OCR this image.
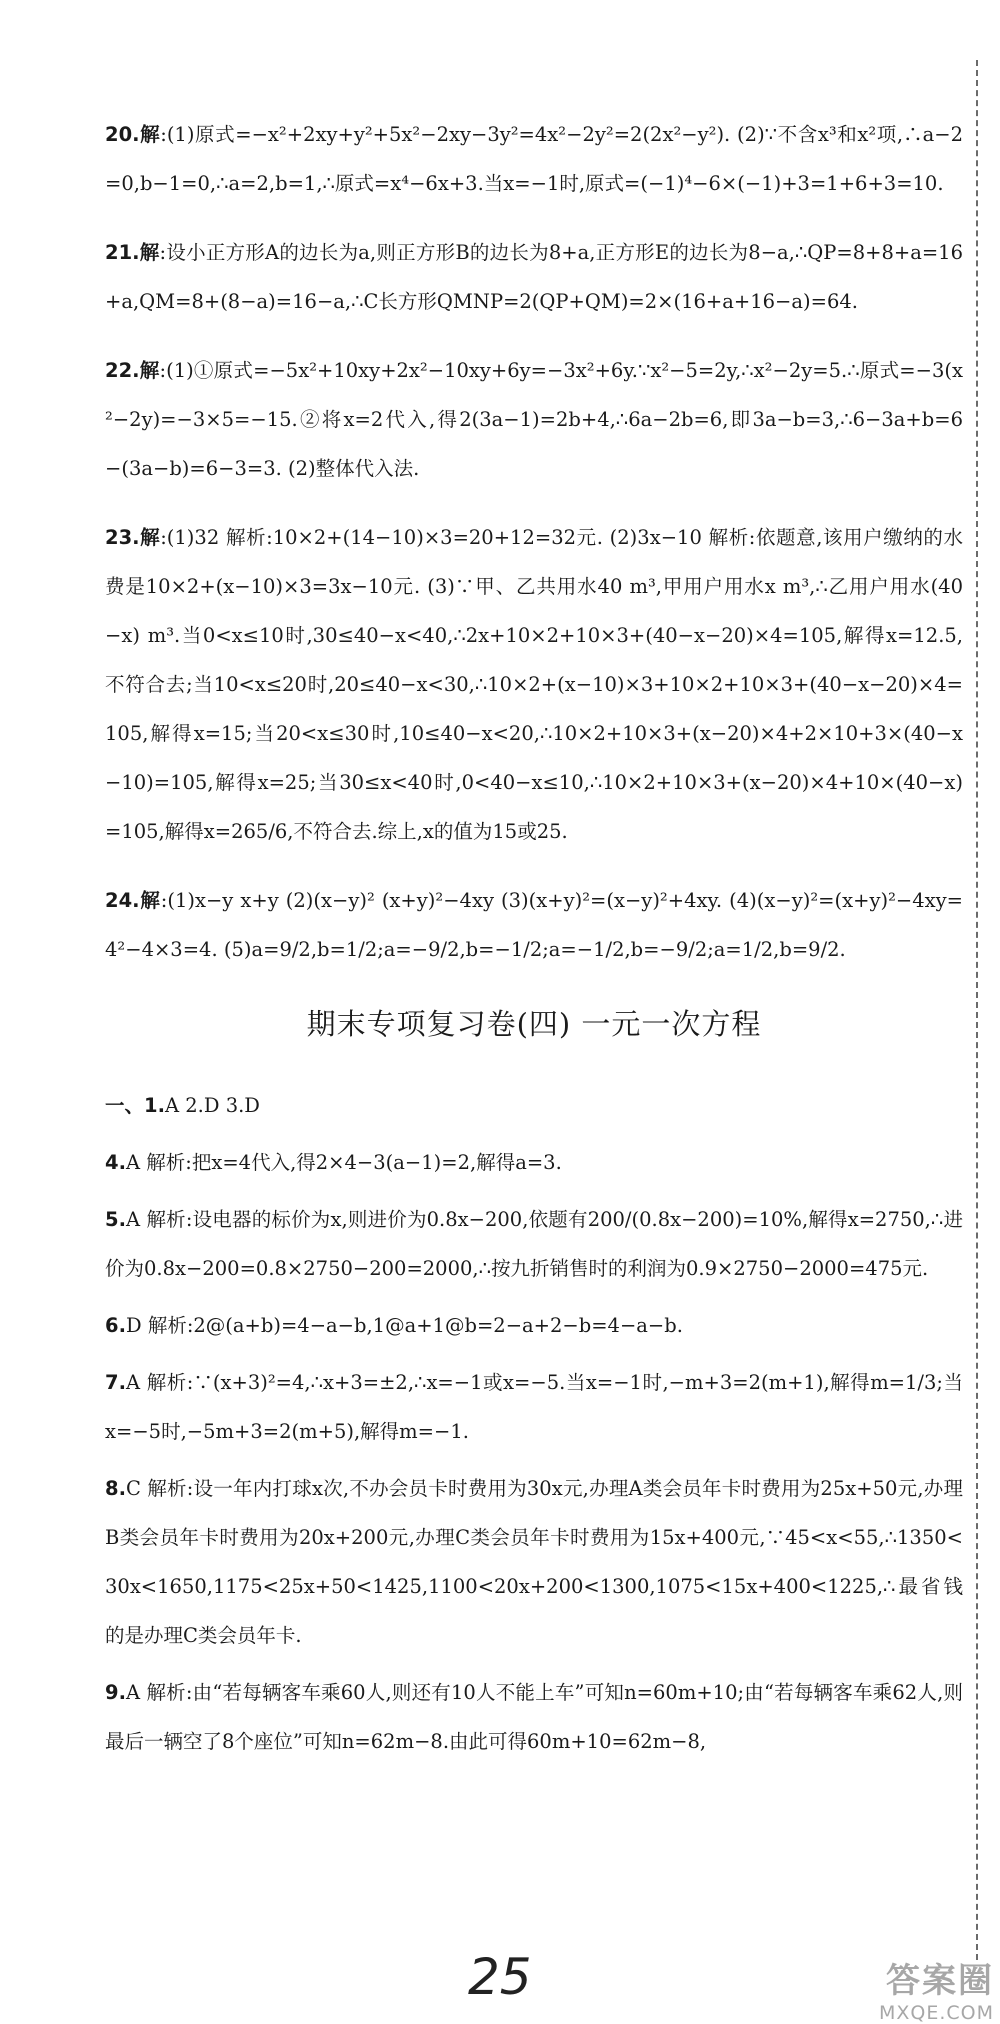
20.解:(1)原式=−x²+2xy+y²+5x²−2xy−3y²=4x²−2y²=2(2x²−y²). (2)∵不含x³和x²项,∴a−2=0,b−1=0,∴a=2,b=1,∴原式=x⁴−6x+3.当x=−1时,原式=(−1)⁴−6×(−1)+3=1+6+3=10.

21.解:设小正方形A的边长为a,则正方形B的边长为8+a,正方形E的边长为8−a,∴QP=8+8+a=16+a,QM=8+(8−a)=16−a,∴C长方形QMNP=2(QP+QM)=2×(16+a+16−a)=64.

22.解:(1)①原式=−5x²+10xy+2x²−10xy+6y=−3x²+6y.∵x²−5=2y,∴x²−2y=5.∴原式=−3(x²−2y)=−3×5=−15.②将x=2代入,得2(3a−1)=2b+4,∴6a−2b=6,即3a−b=3,∴6−3a+b=6−(3a−b)=6−3=3. (2)整体代入法.

23.解:(1)32 解析:10×2+(14−10)×3=20+12=32元. (2)3x−10 解析:依题意,该用户缴纳的水费是10×2+(x−10)×3=3x−10元. (3)∵甲、乙共用水40 m³,甲用户用水x m³,∴乙用户用水(40−x) m³.当0<x≤10时,30≤40−x<40,∴2x+10×2+10×3+(40−x−20)×4=105,解得x=12.5,不符合去;当10<x≤20时,20≤40−x<30,∴10×2+(x−10)×3+10×2+10×3+(40−x−20)×4=105,解得x=15;当20<x≤30时,10≤40−x<20,∴10×2+10×3+(x−20)×4+2×10+3×(40−x−10)=105,解得x=25;当30≤x<40时,0<40−x≤10,∴10×2+10×3+(x−20)×4+10×(40−x)=105,解得x=265/6,不符合去.综上,x的值为15或25.

24.解:(1)x−y x+y (2)(x−y)² (x+y)²−4xy (3)(x+y)²=(x−y)²+4xy. (4)(x−y)²=(x+y)²−4xy=4²−4×3=4. (5)a=9/2,b=1/2;a=−9/2,b=−1/2;a=−1/2,b=−9/2;a=1/2,b=9/2.

期末专项复习卷(四) 一元一次方程

一、1.A 2.D 3.D

4.A 解析:把x=4代入,得2×4−3(a−1)=2,解得a=3.

5.A 解析:设电器的标价为x,则进价为0.8x−200,依题有200/(0.8x−200)=10%,解得x=2750,∴进价为0.8x−200=0.8×2750−200=2000,∴按九折销售时的利润为0.9×2750−2000=475元.

6.D 解析:2@(a+b)=4−a−b,1@a+1@b=2−a+2−b=4−a−b.

7.A 解析:∵(x+3)²=4,∴x+3=±2,∴x=−1或x=−5.当x=−1时,−m+3=2(m+1),解得m=1/3;当x=−5时,−5m+3=2(m+5),解得m=−1.

8.C 解析:设一年内打球x次,不办会员卡时费用为30x元,办理A类会员年卡时费用为25x+50元,办理B类会员年卡时费用为20x+200元,办理C类会员年卡时费用为15x+400元,∵45<x<55,∴1350<30x<1650,1175<25x+50<1425,1100<20x+200<1300,1075<15x+400<1225,∴最省钱的是办理C类会员年卡.

9.A 解析:由“若每辆客车乘60人,则还有10人不能上车”可知n=60m+10;由“若每辆客车乘62人,则最后一辆空了8个座位”可知n=62m−8.由此可得60m+10=62m−8,

25	答案圈
MXQE.COM
